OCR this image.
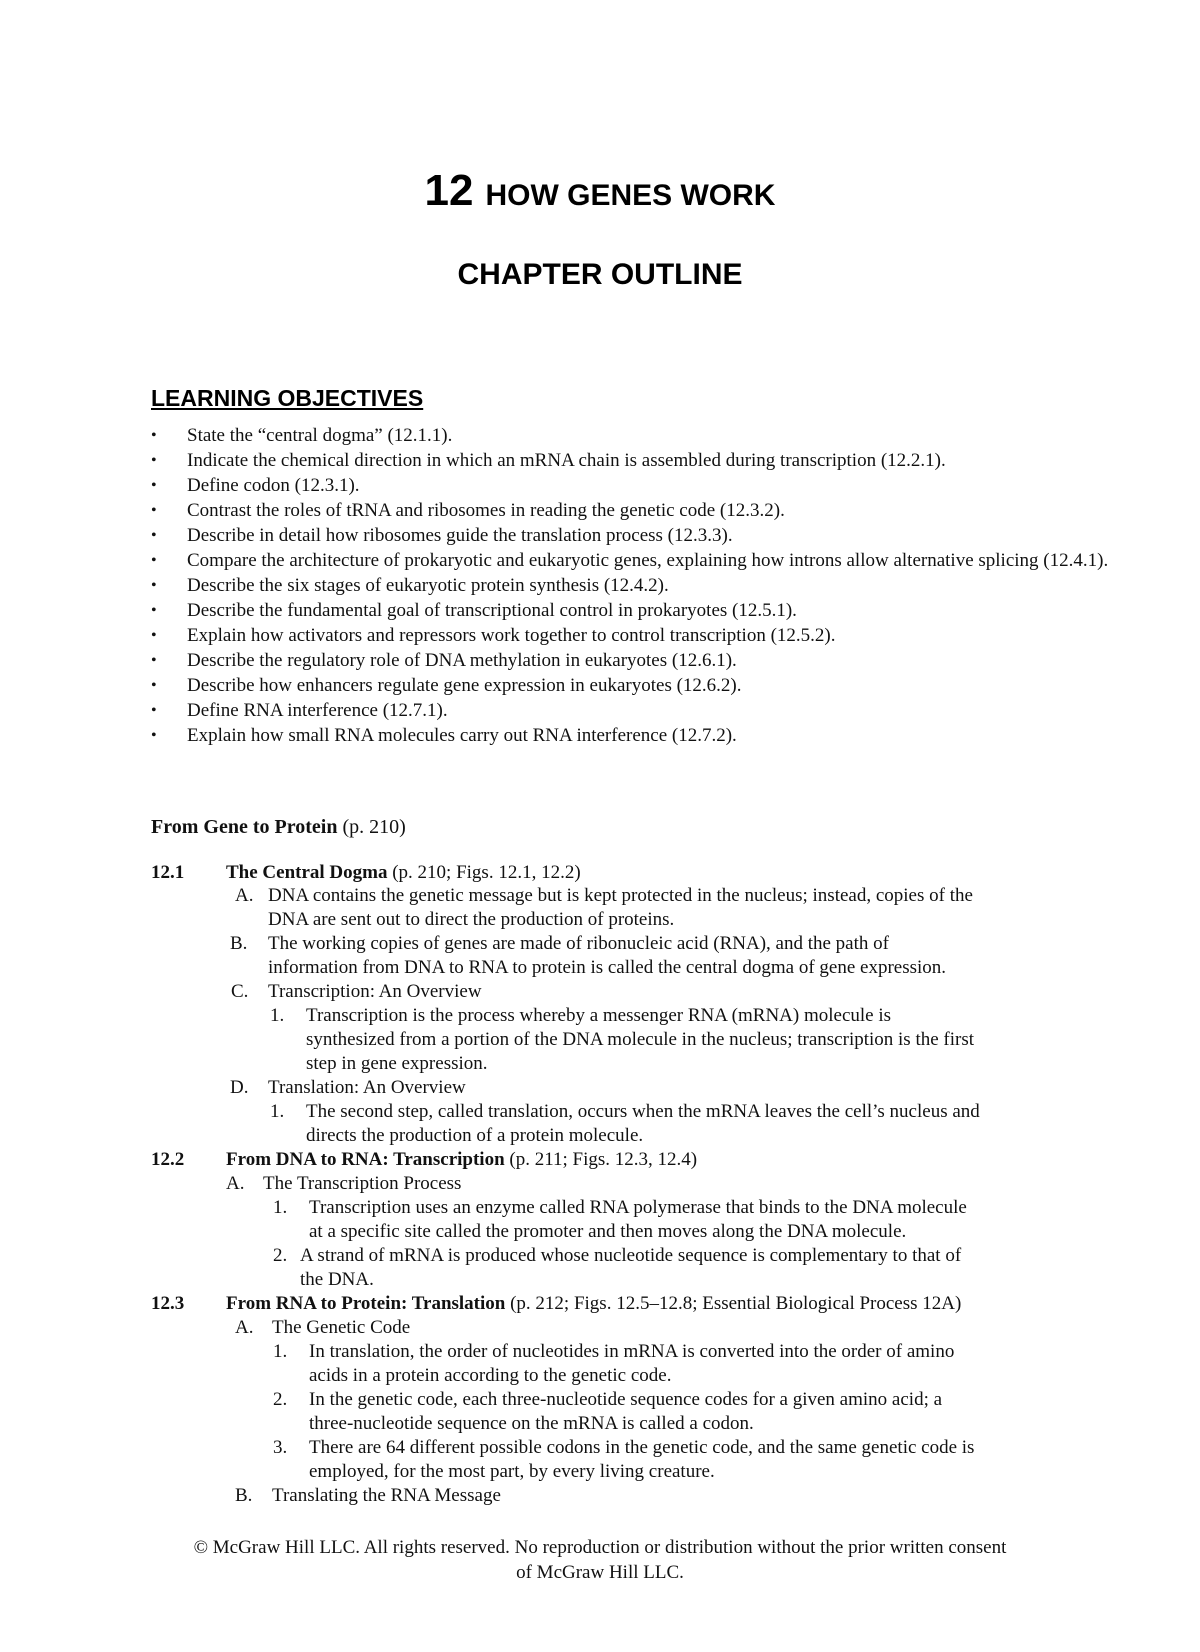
12 HOW GENES WORK
CHAPTER OUTLINE
LEARNING OBJECTIVES
• State the “central dogma” (12.1.1).
• Indicate the chemical direction in which an mRNA chain is assembled during transcription (12.2.1).
• Define codon (12.3.1).
• Contrast the roles of tRNA and ribosomes in reading the genetic code (12.3.2).
• Describe in detail how ribosomes guide the translation process (12.3.3).
• Compare the architecture of prokaryotic and eukaryotic genes, explaining how introns allow alternative splicing (12.4.1).
• Describe the six stages of eukaryotic protein synthesis (12.4.2).
• Describe the fundamental goal of transcriptional control in prokaryotes (12.5.1).
• Explain how activators and repressors work together to control transcription (12.5.2).
• Describe the regulatory role of DNA methylation in eukaryotes (12.6.1).
• Describe how enhancers regulate gene expression in eukaryotes (12.6.2).
• Define RNA interference (12.7.1).
• Explain how small RNA molecules carry out RNA interference (12.7.2).
From Gene to Protein (p. 210)
12.1 The Central Dogma (p. 210; Figs. 12.1, 12.2)
A. DNA contains the genetic message but is kept protected in the nucleus; instead, copies of the
DNA are sent out to direct the production of proteins.
B. The working copies of genes are made of ribonucleic acid (RNA), and the path of
information from DNA to RNA to protein is called the central dogma of gene expression.
C. Transcription: An Overview
1. Transcription is the process whereby a messenger RNA (mRNA) molecule is
synthesized from a portion of the DNA molecule in the nucleus; transcription is the first
step in gene expression.
D. Translation: An Overview
1. The second step, called translation, occurs when the mRNA leaves the cell’s nucleus and
directs the production of a protein molecule.
12.2 From DNA to RNA: Transcription (p. 211; Figs. 12.3, 12.4)
A. The Transcription Process
1. Transcription uses an enzyme called RNA polymerase that binds to the DNA molecule
at a specific site called the promoter and then moves along the DNA molecule.
2. A strand of mRNA is produced whose nucleotide sequence is complementary to that of
the DNA.
12.3 From RNA to Protein: Translation (p. 212; Figs. 12.5–12.8; Essential Biological Process 12A)
A. The Genetic Code
1. In translation, the order of nucleotides in mRNA is converted into the order of amino
acids in a protein according to the genetic code.
2. In the genetic code, each three-nucleotide sequence codes for a given amino acid; a
three-nucleotide sequence on the mRNA is called a codon.
3. There are 64 different possible codons in the genetic code, and the same genetic code is
employed, for the most part, by every living creature.
B. Translating the RNA Message
© McGraw Hill LLC. All rights reserved. No reproduction or distribution without the prior written consent
of McGraw Hill LLC.
